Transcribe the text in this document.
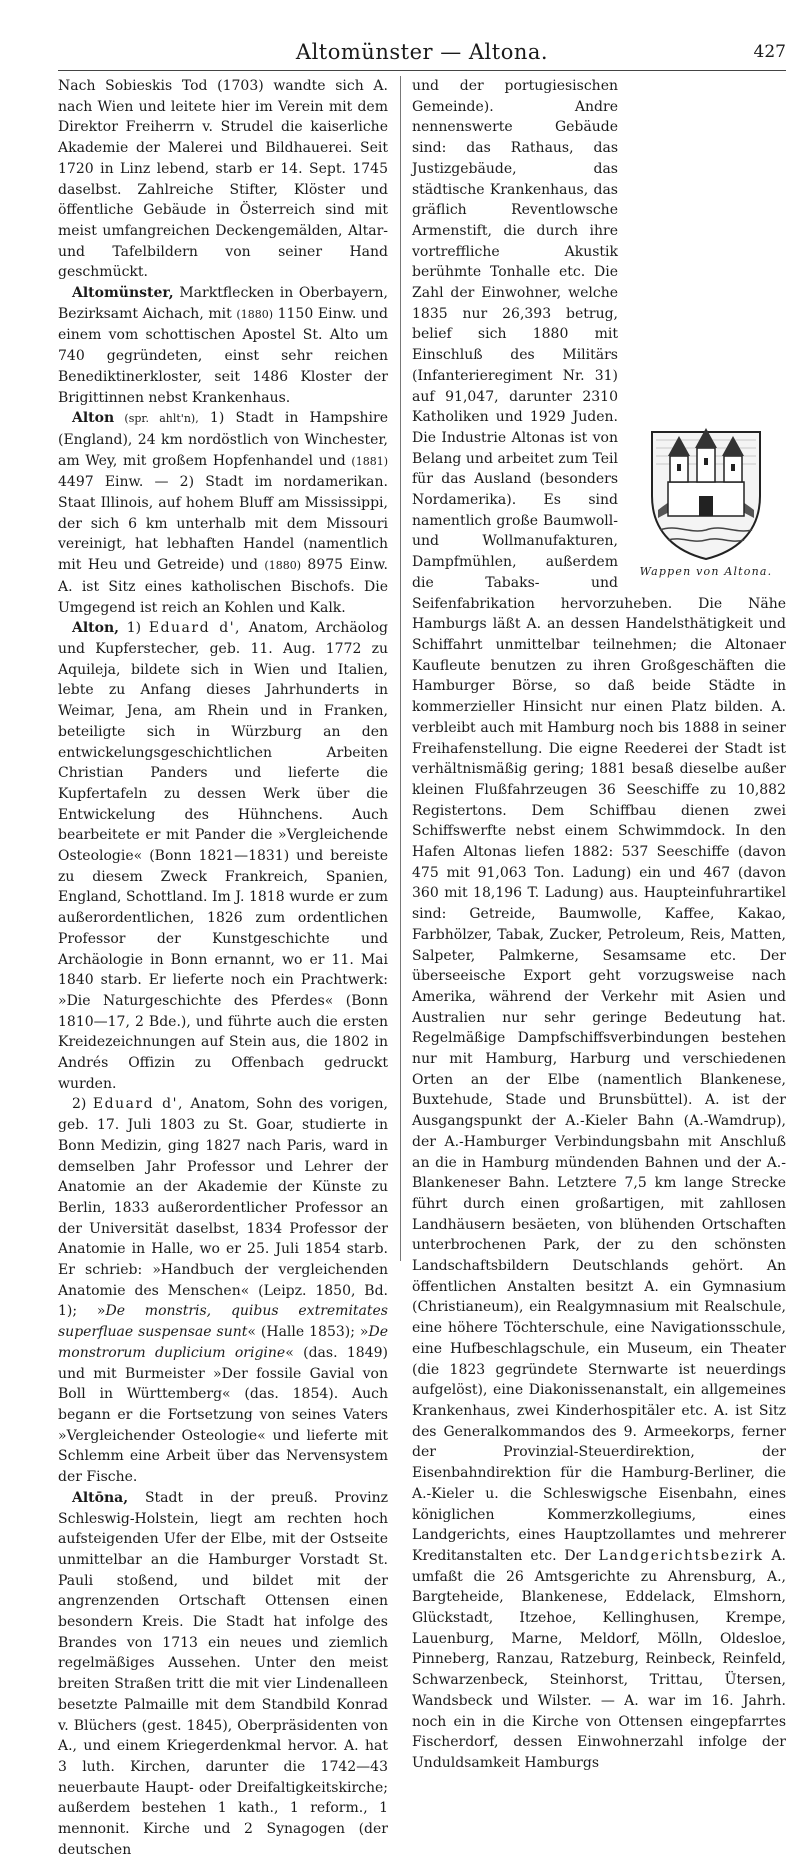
Altomünster — Altona.	427

Nach Sobieskis Tod (1703) wandte sich A. nach Wien und leitete hier im Verein mit dem Direktor Freiherrn v. Strudel die kaiserliche Akademie der Malerei und Bildhauerei. Seit 1720 in Linz lebend, starb er 14. Sept. 1745 daselbst. Zahlreiche Stifter, Klöster und öffentliche Gebäude in Österreich sind mit meist umfangreichen Deckengemälden, Altar- und Tafelbildern von seiner Hand geschmückt.

Altomünster, Marktflecken in Oberbayern, Bezirksamt Aichach, mit (1880) 1150 Einw. und einem vom schottischen Apostel St. Alto um 740 gegründeten, einst sehr reichen Benediktinerkloster, seit 1486 Kloster der Brigittinnen nebst Krankenhaus.

Alton (spr. ahlt'n), 1) Stadt in Hampshire (England), 24 km nordöstlich von Winchester, am Wey, mit großem Hopfenhandel und (1881) 4497 Einw. — 2) Stadt im nordamerikan. Staat Illinois, auf hohem Bluff am Mississippi, der sich 6 km unterhalb mit dem Missouri vereinigt, hat lebhaften Handel (namentlich mit Heu und Getreide) und (1880) 8975 Einw. A. ist Sitz eines katholischen Bischofs. Die Umgegend ist reich an Kohlen und Kalk.

Alton, 1) Eduard d', Anatom, Archäolog und Kupferstecher, geb. 11. Aug. 1772 zu Aquileja, bildete sich in Wien und Italien, lebte zu Anfang dieses Jahrhunderts in Weimar, Jena, am Rhein und in Franken, beteiligte sich in Würzburg an den entwickelungsgeschichtlichen Arbeiten Christian Panders und lieferte die Kupfertafeln zu dessen Werk über die Entwickelung des Hühnchens. Auch bearbeitete er mit Pander die »Vergleichende Osteologie« (Bonn 1821—1831) und bereiste zu diesem Zweck Frankreich, Spanien, England, Schottland. Im J. 1818 wurde er zum außerordentlichen, 1826 zum ordentlichen Professor der Kunstgeschichte und Archäologie in Bonn ernannt, wo er 11. Mai 1840 starb. Er lieferte noch ein Prachtwerk: »Die Naturgeschichte des Pferdes« (Bonn 1810—17, 2 Bde.), und führte auch die ersten Kreidezeichnungen auf Stein aus, die 1802 in Andrés Offizin zu Offenbach gedruckt wurden.

2) Eduard d', Anatom, Sohn des vorigen, geb. 17. Juli 1803 zu St. Goar, studierte in Bonn Medizin, ging 1827 nach Paris, ward in demselben Jahr Professor und Lehrer der Anatomie an der Akademie der Künste zu Berlin, 1833 außerordentlicher Professor an der Universität daselbst, 1834 Professor der Anatomie in Halle, wo er 25. Juli 1854 starb. Er schrieb: »Handbuch der vergleichenden Anatomie des Menschen« (Leipz. 1850, Bd. 1); »De monstris, quibus extremitates superfluae suspensae sunt« (Halle 1853); »De monstrorum duplicium origine« (das. 1849) und mit Burmeister »Der fossile Gavial von Boll in Württemberg« (das. 1854). Auch begann er die Fortsetzung von seines Vaters »Vergleichender Osteologie« und lieferte mit Schlemm eine Arbeit über das Nervensystem der Fische.

Altōna, Stadt in der preuß. Provinz Schleswig-Holstein, liegt am rechten hoch aufsteigenden Ufer der Elbe, mit der Ostseite unmittelbar an die Hamburger Vorstadt St. Pauli stoßend, und bildet mit der angrenzenden Ortschaft Ottensen einen besondern Kreis. Die Stadt hat infolge des Brandes von 1713 ein neues und ziemlich regelmäßiges Aussehen. Unter den meist breiten Straßen tritt die mit vier Lindenalleen besetzte Palmaille mit dem Standbild Konrad v. Blüchers (gest. 1845), Oberpräsidenten von A., und einem Kriegerdenkmal hervor. A. hat 3 luth. Kirchen, darunter die 1742—43 neuerbaute Haupt- oder Dreifaltigkeitskirche; außerdem bestehen 1 kath., 1 reform., 1 mennonit. Kirche und 2 Synagogen (der deutschen

Wappen von Altona.

und der portugiesischen Gemeinde). Andre nennenswerte Gebäude sind: das Rathaus, das Justizgebäude, das städtische Krankenhaus, das gräflich Reventlowsche Armenstift, die durch ihre vortreffliche Akustik berühmte Tonhalle etc. Die Zahl der Einwohner, welche 1835 nur 26,393 betrug, belief sich 1880 mit Einschluß des Militärs (Infanterieregiment Nr. 31) auf 91,047, darunter 2310 Katholiken und 1929 Juden. Die Industrie Altonas ist von Belang und arbeitet zum Teil für das Ausland (besonders Nordamerika). Es sind namentlich große Baumwoll- und Wollmanufakturen, Dampfmühlen, außerdem die Tabaks- und Seifenfabrikation hervorzuheben. Die Nähe Hamburgs läßt A. an dessen Handelsthätigkeit und Schiffahrt unmittelbar teilnehmen; die Altonaer Kaufleute benutzen zu ihren Großgeschäften die Hamburger Börse, so daß beide Städte in kommerzieller Hinsicht nur einen Platz bilden. A. verbleibt auch mit Hamburg noch bis 1888 in seiner Freihafenstellung. Die eigne Reederei der Stadt ist verhältnismäßig gering; 1881 besaß dieselbe außer kleinen Flußfahrzeugen 36 Seeschiffe zu 10,882 Registertons. Dem Schiffbau dienen zwei Schiffswerfte nebst einem Schwimmdock. In den Hafen Altonas liefen 1882: 537 Seeschiffe (davon 475 mit 91,063 Ton. Ladung) ein und 467 (davon 360 mit 18,196 T. Ladung) aus. Haupteinfuhrartikel sind: Getreide, Baumwolle, Kaffee, Kakao, Farbhölzer, Tabak, Zucker, Petroleum, Reis, Matten, Salpeter, Palmkerne, Sesamsame etc. Der überseeische Export geht vorzugsweise nach Amerika, während der Verkehr mit Asien und Australien nur sehr geringe Bedeutung hat. Regelmäßige Dampfschiffsverbindungen bestehen nur mit Hamburg, Harburg und verschiedenen Orten an der Elbe (namentlich Blankenese, Buxtehude, Stade und Brunsbüttel). A. ist der Ausgangspunkt der A.-Kieler Bahn (A.-Wamdrup), der A.-Hamburger Verbindungsbahn mit Anschluß an die in Hamburg mündenden Bahnen und der A.-Blankeneser Bahn. Letztere 7,5 km lange Strecke führt durch einen großartigen, mit zahllosen Landhäusern besäeten, von blühenden Ortschaften unterbrochenen Park, der zu den schönsten Landschaftsbildern Deutschlands gehört. An öffentlichen Anstalten besitzt A. ein Gymnasium (Christianeum), ein Realgymnasium mit Realschule, eine höhere Töchterschule, eine Navigationsschule, eine Hufbeschlagschule, ein Museum, ein Theater (die 1823 gegründete Sternwarte ist neuerdings aufgelöst), eine Diakonissenanstalt, ein allgemeines Krankenhaus, zwei Kinderhospitäler etc. A. ist Sitz des Generalkommandos des 9. Armeekorps, ferner der Provinzial-Steuerdirektion, der Eisenbahndirektion für die Hamburg-Berliner, die A.-Kieler u. die Schleswigsche Eisenbahn, eines königlichen Kommerzkollegiums, eines Landgerichts, eines Hauptzollamtes und mehrerer Kreditanstalten etc. Der Landgerichtsbezirk A. umfaßt die 26 Amtsgerichte zu Ahrensburg, A., Bargteheide, Blankenese, Eddelack, Elmshorn, Glückstadt, Itzehoe, Kellinghusen, Krempe, Lauenburg, Marne, Meldorf, Mölln, Oldesloe, Pinneberg, Ranzau, Ratzeburg, Reinbeck, Reinfeld, Schwarzenbeck, Steinhorst, Trittau, Ütersen, Wandsbeck und Wilster. — A. war im 16. Jahrh. noch ein in die Kirche von Ottensen eingepfarrtes Fischerdorf, dessen Einwohnerzahl infolge der Unduldsamkeit Hamburgs
